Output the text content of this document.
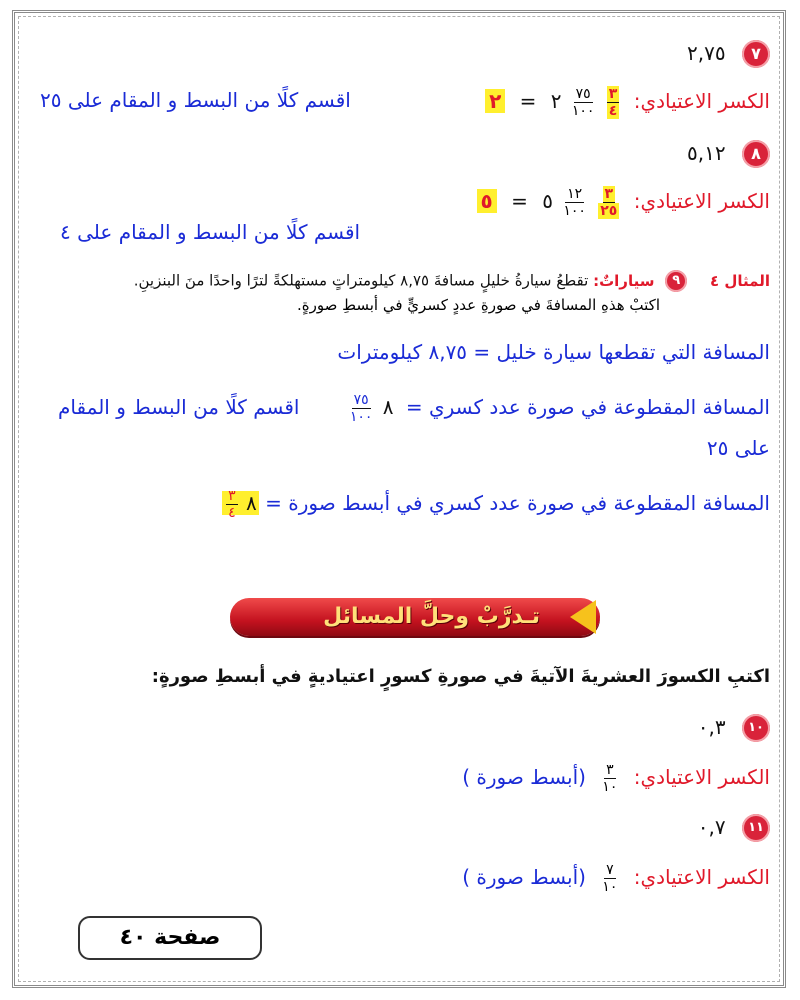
٧ ٢,٧٥
الكسر الاعتيادي:
$\frac{٣}{٤}$

$\frac{٧٥}{١٠٠}$
٢ = ٢
اقسم كلًا من البسط و المقام على ٢٥
٨ ٥,١٢
الكسر الاعتيادي:
$\frac{٣}{٢٥}$

$\frac{١٢}{١٠٠}$
٥ = ٥
اقسم كلًا من البسط و المقام على ٤
المثال ٤ ٩ سياراتٌ: تقطعُ سيارةُ خليلٍ مسافةَ ٨,٧٥ كيلومتراتٍ مستهلكةً لترًا واحدًا منَ البنزينِ.
اكتبْ هذهِ المسافةَ في صورةِ عددٍ كسريٍّ في أبسطِ صورةٍ.
المسافة التي تقطعها سيارة خليل = ٨,٧٥ كيلومترات
المسافة المقطوعة في صورة عدد كسري = ٨
$\frac{٧٥}{١٠٠}$
اقسم كلًا من البسط و المقام
على ٢٥
المسافة المقطوعة في صورة عدد كسري في أبسط صورة = ٨
$\frac{٣}{٤}$
تـدرَّبْ وحلَّ المسائل
اكتبِ الكسورَ العشريةَ الآتيةَ في صورةِ كسورٍ اعتياديةٍ في أبسطِ صورةٍ:
١٠ ٠,٣
الكسر الاعتيادي:
$\frac{٣}{١٠}$
(أبسط صورة )
١١ ٠,٧
الكسر الاعتيادي:
$\frac{٧}{١٠}$
(أبسط صورة )
صفحة ٤٠
